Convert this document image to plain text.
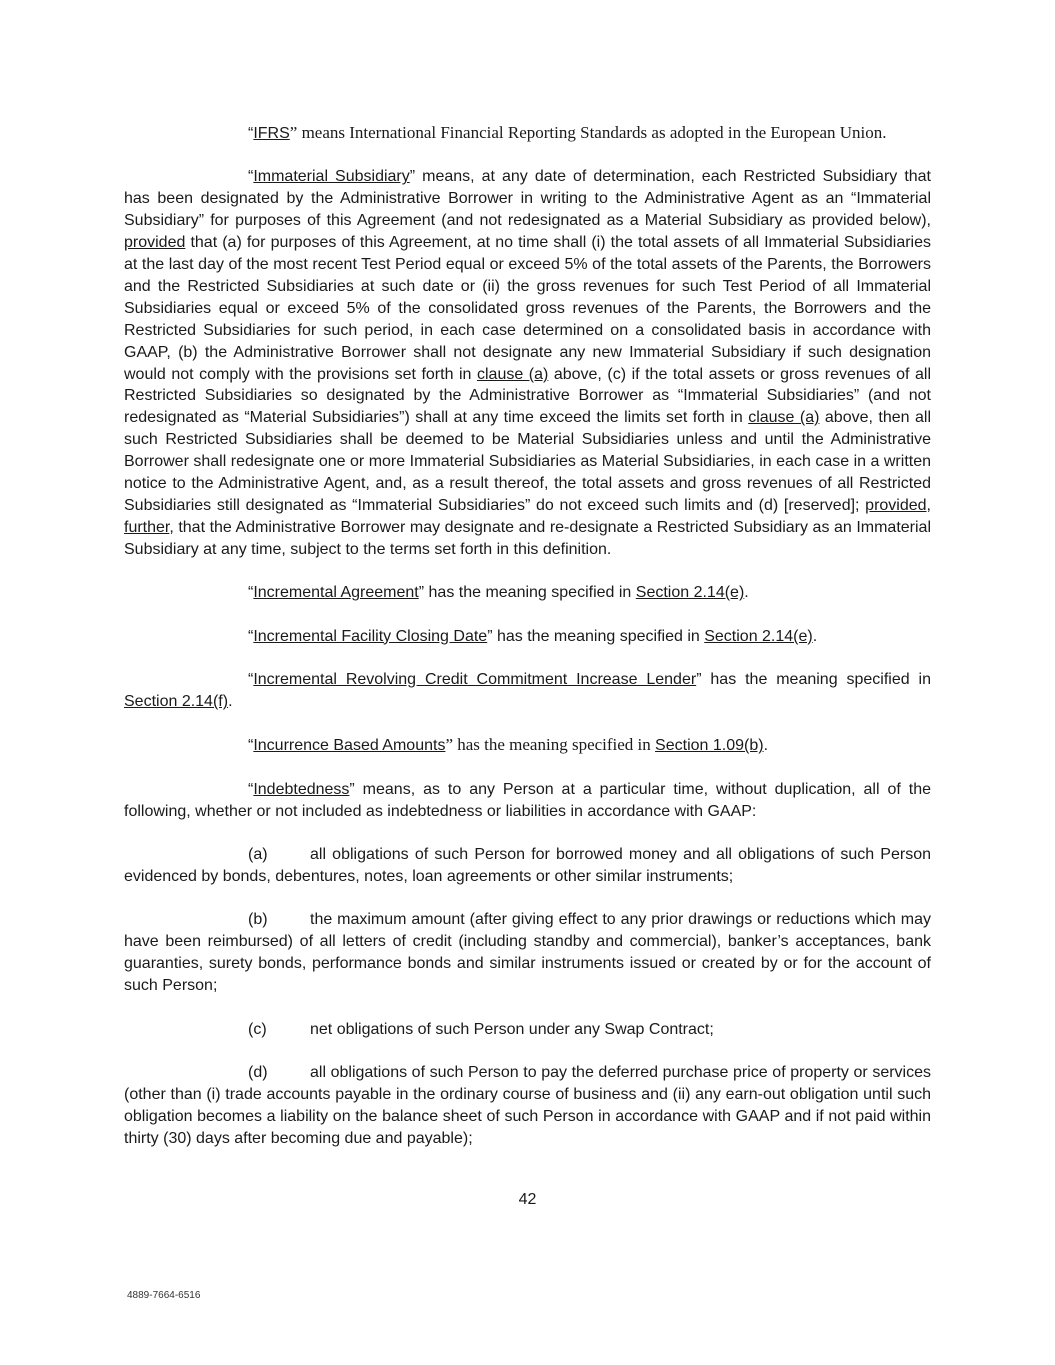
“IFRS” means International Financial Reporting Standards as adopted in the European Union.

“Immaterial Subsidiary” means, at any date of determination, each Restricted Subsidiary that has been designated by the Administrative Borrower in writing to the Administrative Agent as an “Immaterial Subsidiary” for purposes of this Agreement (and not redesignated as a Material Subsidiary as provided below), provided that (a) for purposes of this Agreement, at no time shall (i) the total assets of all Immaterial Subsidiaries at the last day of the most recent Test Period equal or exceed 5% of the total assets of the Parents, the Borrowers and the Restricted Subsidiaries at such date or (ii) the gross revenues for such Test Period of all Immaterial Subsidiaries equal or exceed 5% of the consolidated gross revenues of the Parents, the Borrowers and the Restricted Subsidiaries for such period, in each case determined on a consolidated basis in accordance with GAAP, (b) the Administrative Borrower shall not designate any new Immaterial Subsidiary if such designation would not comply with the provisions set forth in clause (a) above, (c) if the total assets or gross revenues of all Restricted Subsidiaries so designated by the Administrative Borrower as “Immaterial Subsidiaries” (and not redesignated as “Material Subsidiaries”) shall at any time exceed the limits set forth in clause (a) above, then all such Restricted Subsidiaries shall be deemed to be Material Subsidiaries unless and until the Administrative Borrower shall redesignate one or more Immaterial Subsidiaries as Material Subsidiaries, in each case in a written notice to the Administrative Agent, and, as a result thereof, the total assets and gross revenues of all Restricted Subsidiaries still designated as “Immaterial Subsidiaries” do not exceed such limits and (d) [reserved]; provided, further, that the Administrative Borrower may designate and re-designate a Restricted Subsidiary as an Immaterial Subsidiary at any time, subject to the terms set forth in this definition.

“Incremental Agreement” has the meaning specified in Section 2.14(e).

“Incremental Facility Closing Date” has the meaning specified in Section 2.14(e).

“Incremental Revolving Credit Commitment Increase Lender” has the meaning specified in Section 2.14(f).

“Incurrence Based Amounts” has the meaning specified in Section 1.09(b).

“Indebtedness” means, as to any Person at a particular time, without duplication, all of the following, whether or not included as indebtedness or liabilities in accordance with GAAP:

(a)	all obligations of such Person for borrowed money and all obligations of such Person evidenced by bonds, debentures, notes, loan agreements or other similar instruments;

(b)	the maximum amount (after giving effect to any prior drawings or reductions which may have been reimbursed) of all letters of credit (including standby and commercial), banker’s acceptances, bank guaranties, surety bonds, performance bonds and similar instruments issued or created by or for the account of such Person;

(c)	net obligations of such Person under any Swap Contract;

(d)	all obligations of such Person to pay the deferred purchase price of property or services (other than (i) trade accounts payable in the ordinary course of business and (ii) any earn-out obligation until such obligation becomes a liability on the balance sheet of such Person in accordance with GAAP and if not paid within thirty (30) days after becoming due and payable);

42
4889-7664-6516
